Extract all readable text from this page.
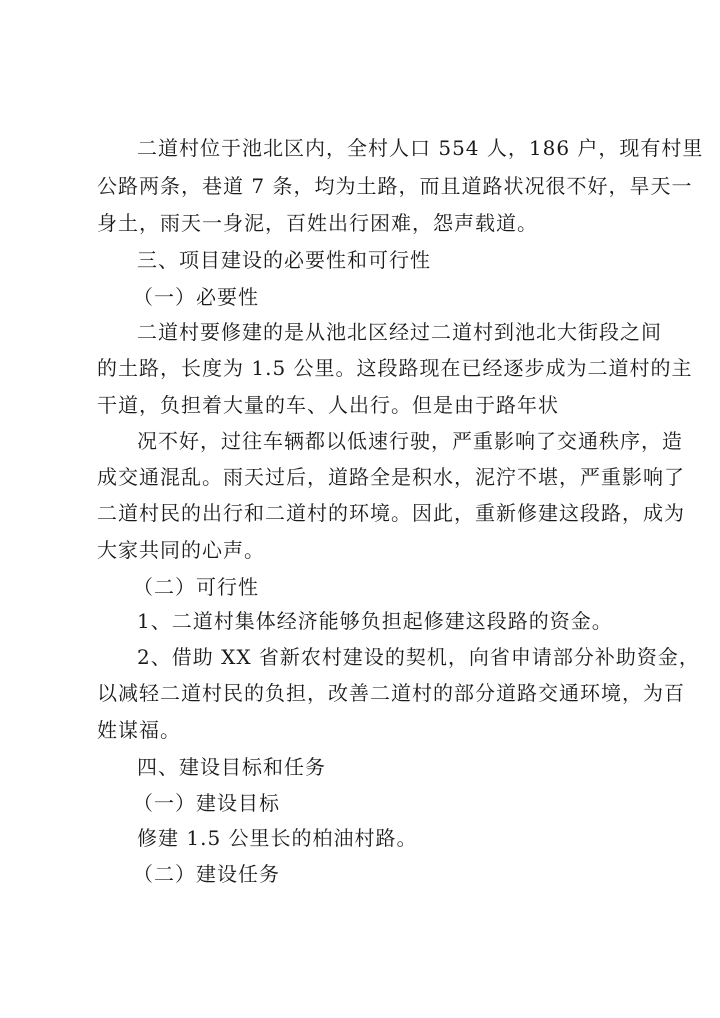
二道村位于池北区内，全村人口 554 人，186 户，现有村里
公路两条，巷道 7 条，均为土路，而且道路状况很不好，旱天一
身土，雨天一身泥，百姓出行困难，怨声载道。
三、项目建设的必要性和可行性
（一）必要性
二道村要修建的是从池北区经过二道村到池北大街段之间
的土路，长度为 1.5 公里。这段路现在已经逐步成为二道村的主
干道，负担着大量的车、人出行。但是由于路年状
况不好，过往车辆都以低速行驶，严重影响了交通秩序，造
成交通混乱。雨天过后，道路全是积水，泥泞不堪，严重影响了
二道村民的出行和二道村的环境。因此，重新修建这段路，成为
大家共同的心声。
（二）可行性
1、二道村集体经济能够负担起修建这段路的资金。
2、借助 XX 省新农村建设的契机，向省申请部分补助资金，
以减轻二道村民的负担，改善二道村的部分道路交通环境，为百
姓谋福。
四、建设目标和任务
（一）建设目标
修建 1.5 公里长的柏油村路。
（二）建设任务
